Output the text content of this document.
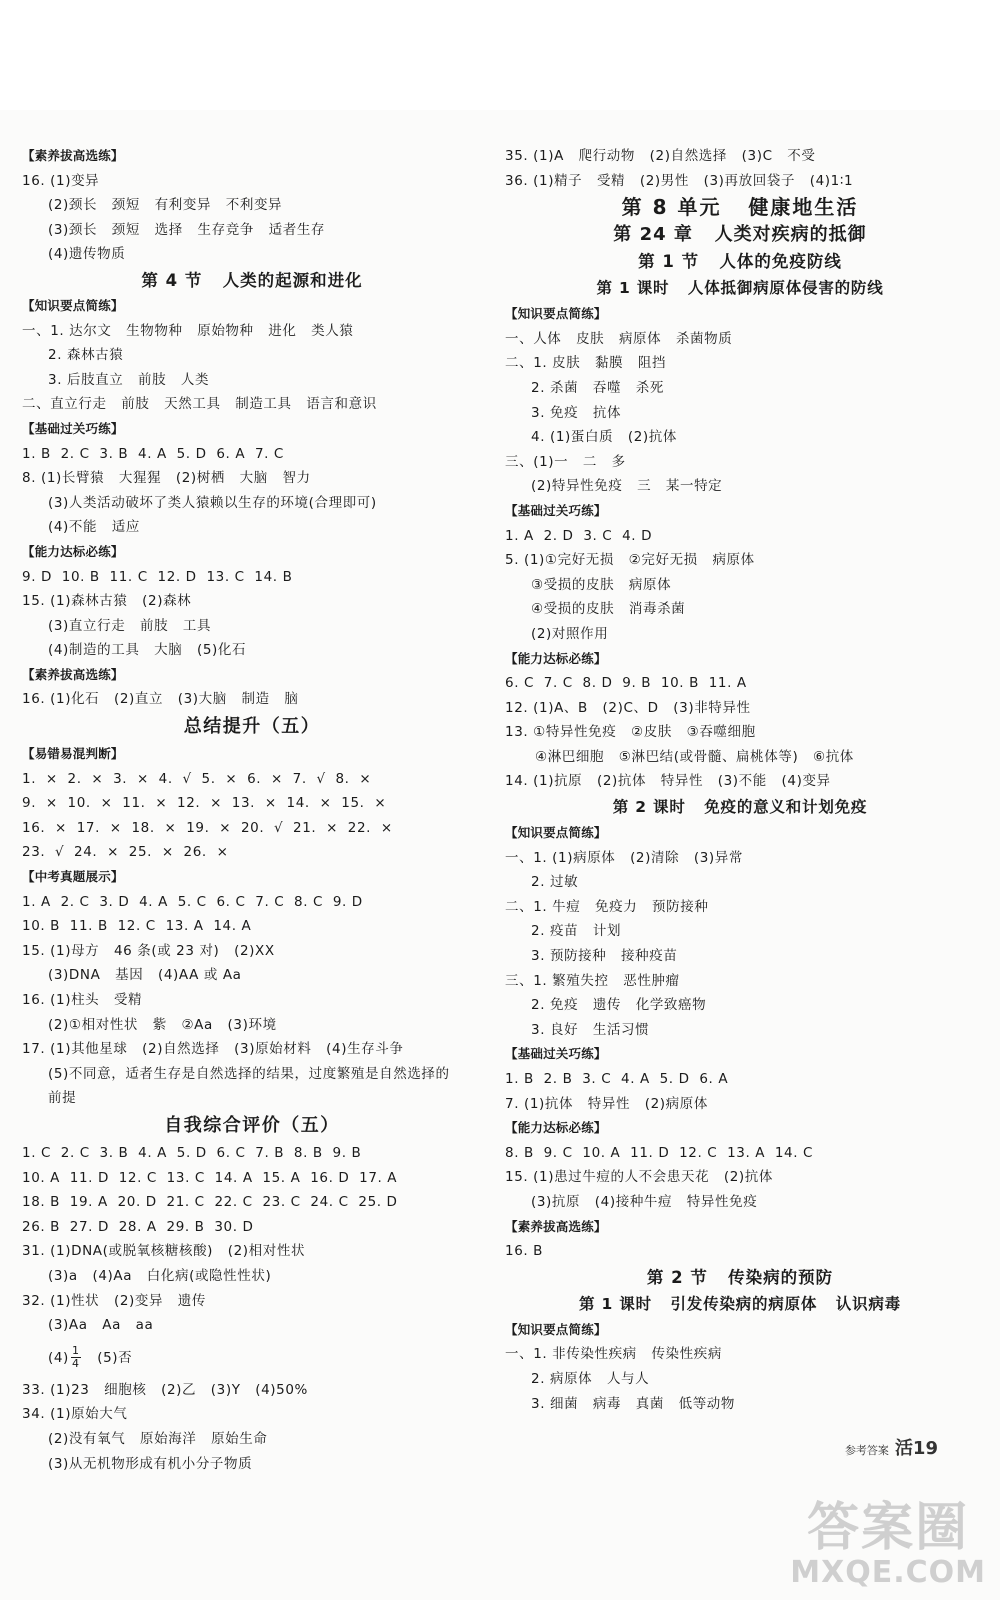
【素养拔高选练】
16. (1)变异
(2)颈长   颈短   有利变异   不利变异
(3)颈长   颈短   选择   生存竞争   适者生存
(4)遗传物质
第 4 节   人类的起源和进化
【知识要点简练】
一、1. 达尔文   生物物种   原始物种   进化   类人猿
2. 森林古猿
3. 后肢直立   前肢   人类
二、直立行走   前肢   天然工具   制造工具   语言和意识
【基础过关巧练】
1. B  2. C  3. B  4. A  5. D  6. A  7. C
8. (1)长臂猿   大猩猩   (2)树栖   大脑   智力
(3)人类活动破坏了类人猿赖以生存的环境(合理即可)
(4)不能   适应
【能力达标必练】
9. D  10. B  11. C  12. D  13. C  14. B
15. (1)森林古猿   (2)森林
(3)直立行走   前肢   工具
(4)制造的工具   大脑   (5)化石
【素养拔高选练】
16. (1)化石   (2)直立   (3)大脑   制造   脑
总结提升（五）
【易错易混判断】
1.  ×  2.  ×  3.  ×  4.  √  5.  ×  6.  ×  7.  √  8.  ×
9.  ×  10.  ×  11.  ×  12.  ×  13.  ×  14.  ×  15.  ×
16.  ×  17.  ×  18.  ×  19.  ×  20.  √  21.  ×  22.  ×
23.  √  24.  ×  25.  ×  26.  ×
【中考真题展示】
1. A  2. C  3. D  4. A  5. C  6. C  7. C  8. C  9. D
10. B  11. B  12. C  13. A  14. A
15. (1)母方   46 条(或 23 对)   (2)XX
(3)DNA   基因   (4)AA 或 Aa
16. (1)柱头   受精
(2)①相对性状   紫   ②Aa   (3)环境
17. (1)其他星球   (2)自然选择   (3)原始材料   (4)生存斗争
(5)不同意，适者生存是自然选择的结果，过度繁殖是自然选择的
前提
自我综合评价（五）
1. C  2. C  3. B  4. A  5. D  6. C  7. B  8. B  9. B
10. A  11. D  12. C  13. C  14. A  15. A  16. D  17. A
18. B  19. A  20. D  21. C  22. C  23. C  24. C  25. D
26. B  27. D  28. A  29. B  30. D
31. (1)DNA(或脱氧核糖核酸)   (2)相对性状
(3)a   (4)Aa   白化病(或隐性性状)
32. (1)性状   (2)变异   遗传
(3)Aa   Aa   aa
$(4) \frac{1}{4} (5)$否
33. (1)23   细胞核   (2)乙   (3)Y   (4)50%
34. (1)原始大气
(2)没有氧气   原始海洋   原始生命
(3)从无机物形成有机小分子物质
35. (1)A   爬行动物   (2)自然选择   (3)C   不受
36. (1)精子   受精   (2)男性   (3)再放回袋子   (4)1∶1
第 8 单元   健康地生活
第 24 章   人类对疾病的抵御
第 1 节   人体的免疫防线
第 1 课时   人体抵御病原体侵害的防线
【知识要点简练】
一、人体   皮肤   病原体   杀菌物质
二、1. 皮肤   黏膜   阻挡
2. 杀菌   吞噬   杀死
3. 免疫   抗体
4. (1)蛋白质   (2)抗体
三、(1)一   二   多
(2)特异性免疫   三   某一特定
【基础过关巧练】
1. A  2. D  3. C  4. D
5. (1)①完好无损   ②完好无损   病原体
③受损的皮肤   病原体
④受损的皮肤   消毒杀菌
(2)对照作用
【能力达标必练】
6. C  7. C  8. D  9. B  10. B  11. A
12. (1)A、B   (2)C、D   (3)非特异性
13. ①特异性免疫   ②皮肤   ③吞噬细胞
④淋巴细胞   ⑤淋巴结(或骨髓、扁桃体等)   ⑥抗体
14. (1)抗原   (2)抗体   特异性   (3)不能   (4)变异
第 2 课时   免疫的意义和计划免疫
【知识要点简练】
一、1. (1)病原体   (2)清除   (3)异常
2. 过敏
二、1. 牛痘   免疫力   预防接种
2. 疫苗   计划
3. 预防接种   接种疫苗
三、1. 繁殖失控   恶性肿瘤
2. 免疫   遗传   化学致癌物
3. 良好   生活习惯
【基础过关巧练】
1. B  2. B  3. C  4. A  5. D  6. A
7. (1)抗体   特异性   (2)病原体
【能力达标必练】
8. B  9. C  10. A  11. D  12. C  13. A  14. C
15. (1)患过牛痘的人不会患天花   (2)抗体
(3)抗原   (4)接种牛痘   特异性免疫
【素养拔高选练】
16. B
第 2 节   传染病的预防
第 1 课时   引发传染病的病原体   认识病毒
【知识要点简练】
一、1. 非传染性疾病   传染性疾病
2. 病原体   人与人
3. 细菌   病毒   真菌   低等动物
参考答案 活19
答案圈
MXQE.COM
